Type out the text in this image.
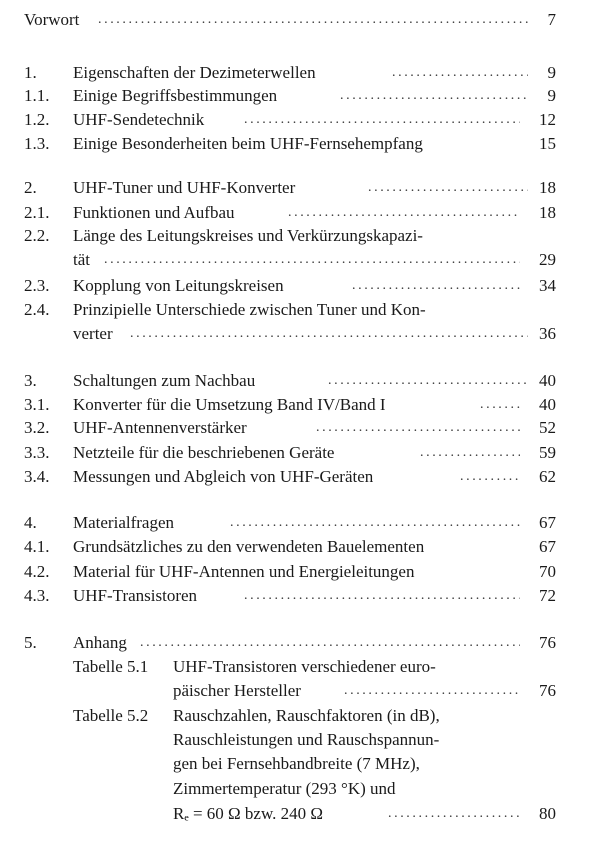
Vorwort .....	7
1. Eigenschaften der Dezimeterwellen .....	9
1.1. Einige Begriffsbestimmungen .....	9
1.2. UHF-Sendetechnik .....	12
1.3. Einige Besonderheiten beim UHF-Fernsehempfang	15
2. UHF-Tuner und UHF-Konverter .....	18
2.1. Funktionen und Aufbau .....	18
2.2. Länge des Leitungskreises und Verkürzungskapazi-
tät .....	29
2.3. Kopplung von Leitungskreisen .....	34
2.4. Prinzipielle Unterschiede zwischen Tuner und Kon-
verter .....	36
3. Schaltungen zum Nachbau .....	40
3.1. Konverter für die Umsetzung Band IV/Band I .....	40
3.2. UHF-Antennenverstärker .....	52
3.3. Netzteile für die beschriebenen Geräte .....	59
3.4. Messungen und Abgleich von UHF-Geräten .....	62
4. Materialfragen .....	67
4.1. Grundsätzliches zu den verwendeten Bauelementen	67
4.2. Material für UHF-Antennen und Energieleitungen	70
4.3. UHF-Transistoren .....	72
5. Anhang .....	76
Tabelle 5.1 UHF-Transistoren verschiedener euro-
päischer Hersteller .....	76
Tabelle 5.2 Rauschzahlen, Rauschfaktoren (in dB),
Rauschleistungen und Rauschspannun-
gen bei Fernsehbandbreite (7 MHz),
Zimmertemperatur (293 °K) und
Rₑ = 60 Ω bzw. 240 Ω .....	80
